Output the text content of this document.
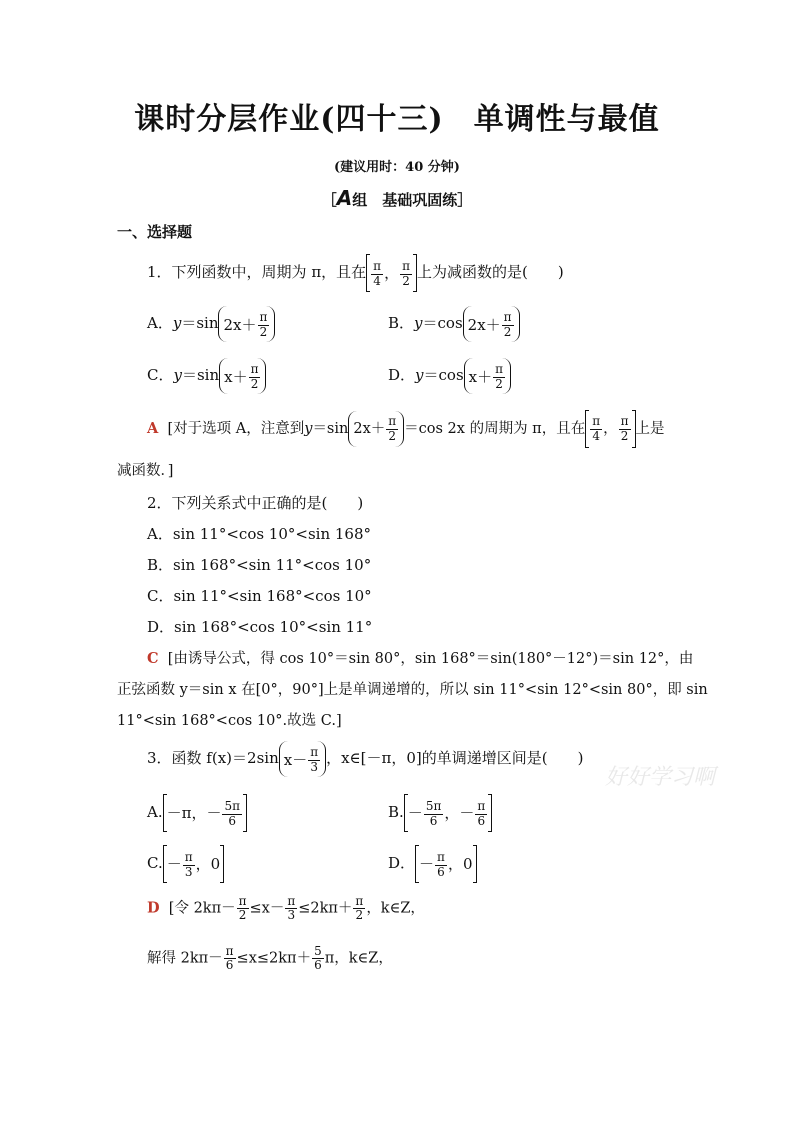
课时分层作业(四十三) 单调性与最值
(建议用时：40 分钟)
［A组　基础巩固练］
一、选择题
1．下列函数中，周期为 π，且在 $\frac{\pi}{4}$ ， $\frac{\pi}{2}$ 上为减函数的是(　　)
A．y＝sin $2x+ \frac{\pi}{2}$	B．y＝cos $2x+ \frac{\pi}{2}$
C．y＝sin $x+ \frac{\pi}{2}$	D．y＝cos $x+ \frac{\pi}{2}$
A [对于选项 A，注意到y＝sin $2x+ \frac{\pi}{2} =\cos$ 2x 的周期为 π，且在 $\frac{\pi}{4}$ ， $\frac{\pi}{2}$ 上是
减函数．]
2．下列关系式中正确的是(　　)
A．sin 11°<cos 10°<sin 168°
B．sin 168°<sin 11°<cos 10°
C．sin 11°<sin 168°<cos 10°
D．sin 168°<cos 10°<sin 11°
C [由诱导公式，得 cos 10°＝sin 80°，sin 168°＝sin(180°－12°)＝sin 12°，由
正弦函数 y＝sin x 在[0°，90°]上是单调递增的，所以 sin 11°<sin 12°<sin 80°，即 sin
11°<sin 168°<cos 10°.故选 C.]
3．函数 f(x)＝2sin $x- \frac{\pi}{3}$ ，x∈[－π，0]的单调递增区间是(　　)
好好学习啊
A. －π，－ $\frac{5\pi}{6}$	B. － $\frac{5\pi}{6}$ ，－ $\frac{\pi}{6}$
C. － $\frac{\pi}{3}$ ，0	D． － $\frac{\pi}{6}$ ，0
D [令 $2k\pi- \frac{\pi}{2} \le x- \frac{\pi}{3} \le 2k\pi+ \frac{\pi}{2}$ ，k∈Z，
解得 $2k\pi- \frac{\pi}{6} \le x\le 2k\pi+ \frac{5}{6}$ π，k∈Z，
